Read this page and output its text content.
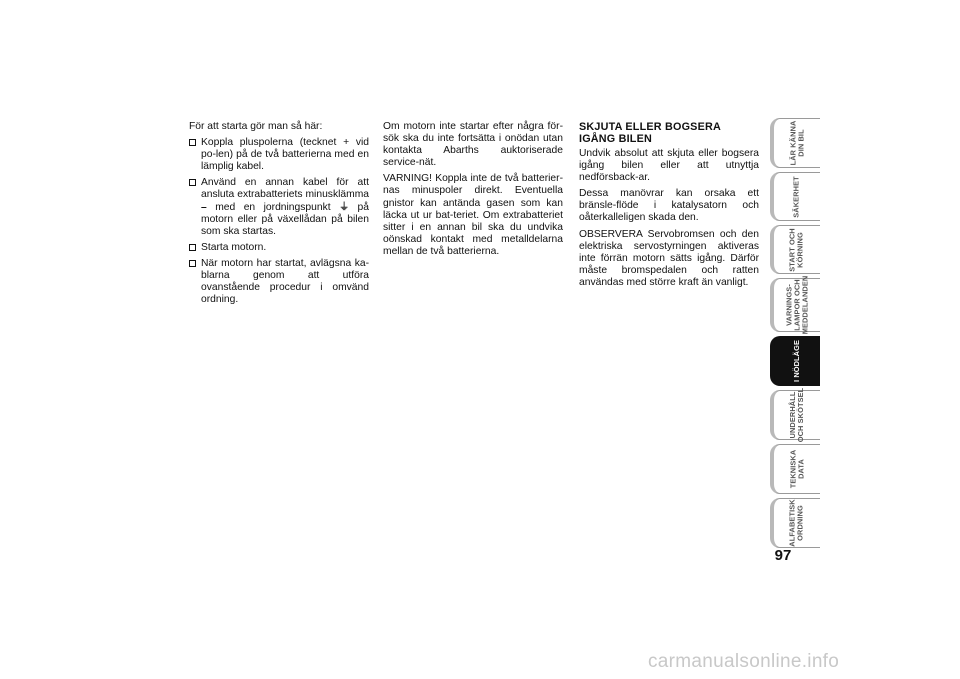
För att starta gör man så här:

Koppla pluspolerna (tecknet + vid po-len) på de två batterierna med en lämplig kabel.
Använd en annan kabel för att ansluta extrabatteriets minusklämma – med en jordningspunkt ⏚ på motorn eller på växellådan på bilen som ska startas.
Starta motorn.
När motorn har startat, avlägsna ka-blarna genom att utföra ovanstående procedur i omvänd ordning.

Om motorn inte startar efter några för-sök ska du inte fortsätta i onödan utan kontakta Abarths auktoriserade service-nät.

VARNING! Koppla inte de två batterier-nas minuspoler direkt. Eventuella gnistor kan antända gasen som kan läcka ut ur bat-teriet. Om extrabatteriet sitter i en annan bil ska du undvika oönskad kontakt med metalldelarna mellan de två batterierna.

SKJUTA ELLER BOGSERA
IGÅNG BILEN

Undvik absolut att skjuta eller bogsera igång bilen eller att utnyttja nedförsback-ar.

Dessa manövrar kan orsaka ett bränsle-flöde i katalysatorn och oåterkalleligen skada den.

OBSERVERA Servobromsen och den elektriska servostyrningen aktiveras inte förrän motorn sätts igång. Därför måste bromspedalen och ratten användas med större kraft än vanligt.

LÄR KÄNNA
DIN BIL
SÄKERHET
START OCH
KÖRNING
VARNINGS-
LAMPOR OCH
MEDDELANDEN
I NÖDLÄGE
UNDERHÅLL
OCH SKÖTSEL
TEKNISKA
DATA
ALFABETISK
ORDNING
97
carmanualsonline.info
